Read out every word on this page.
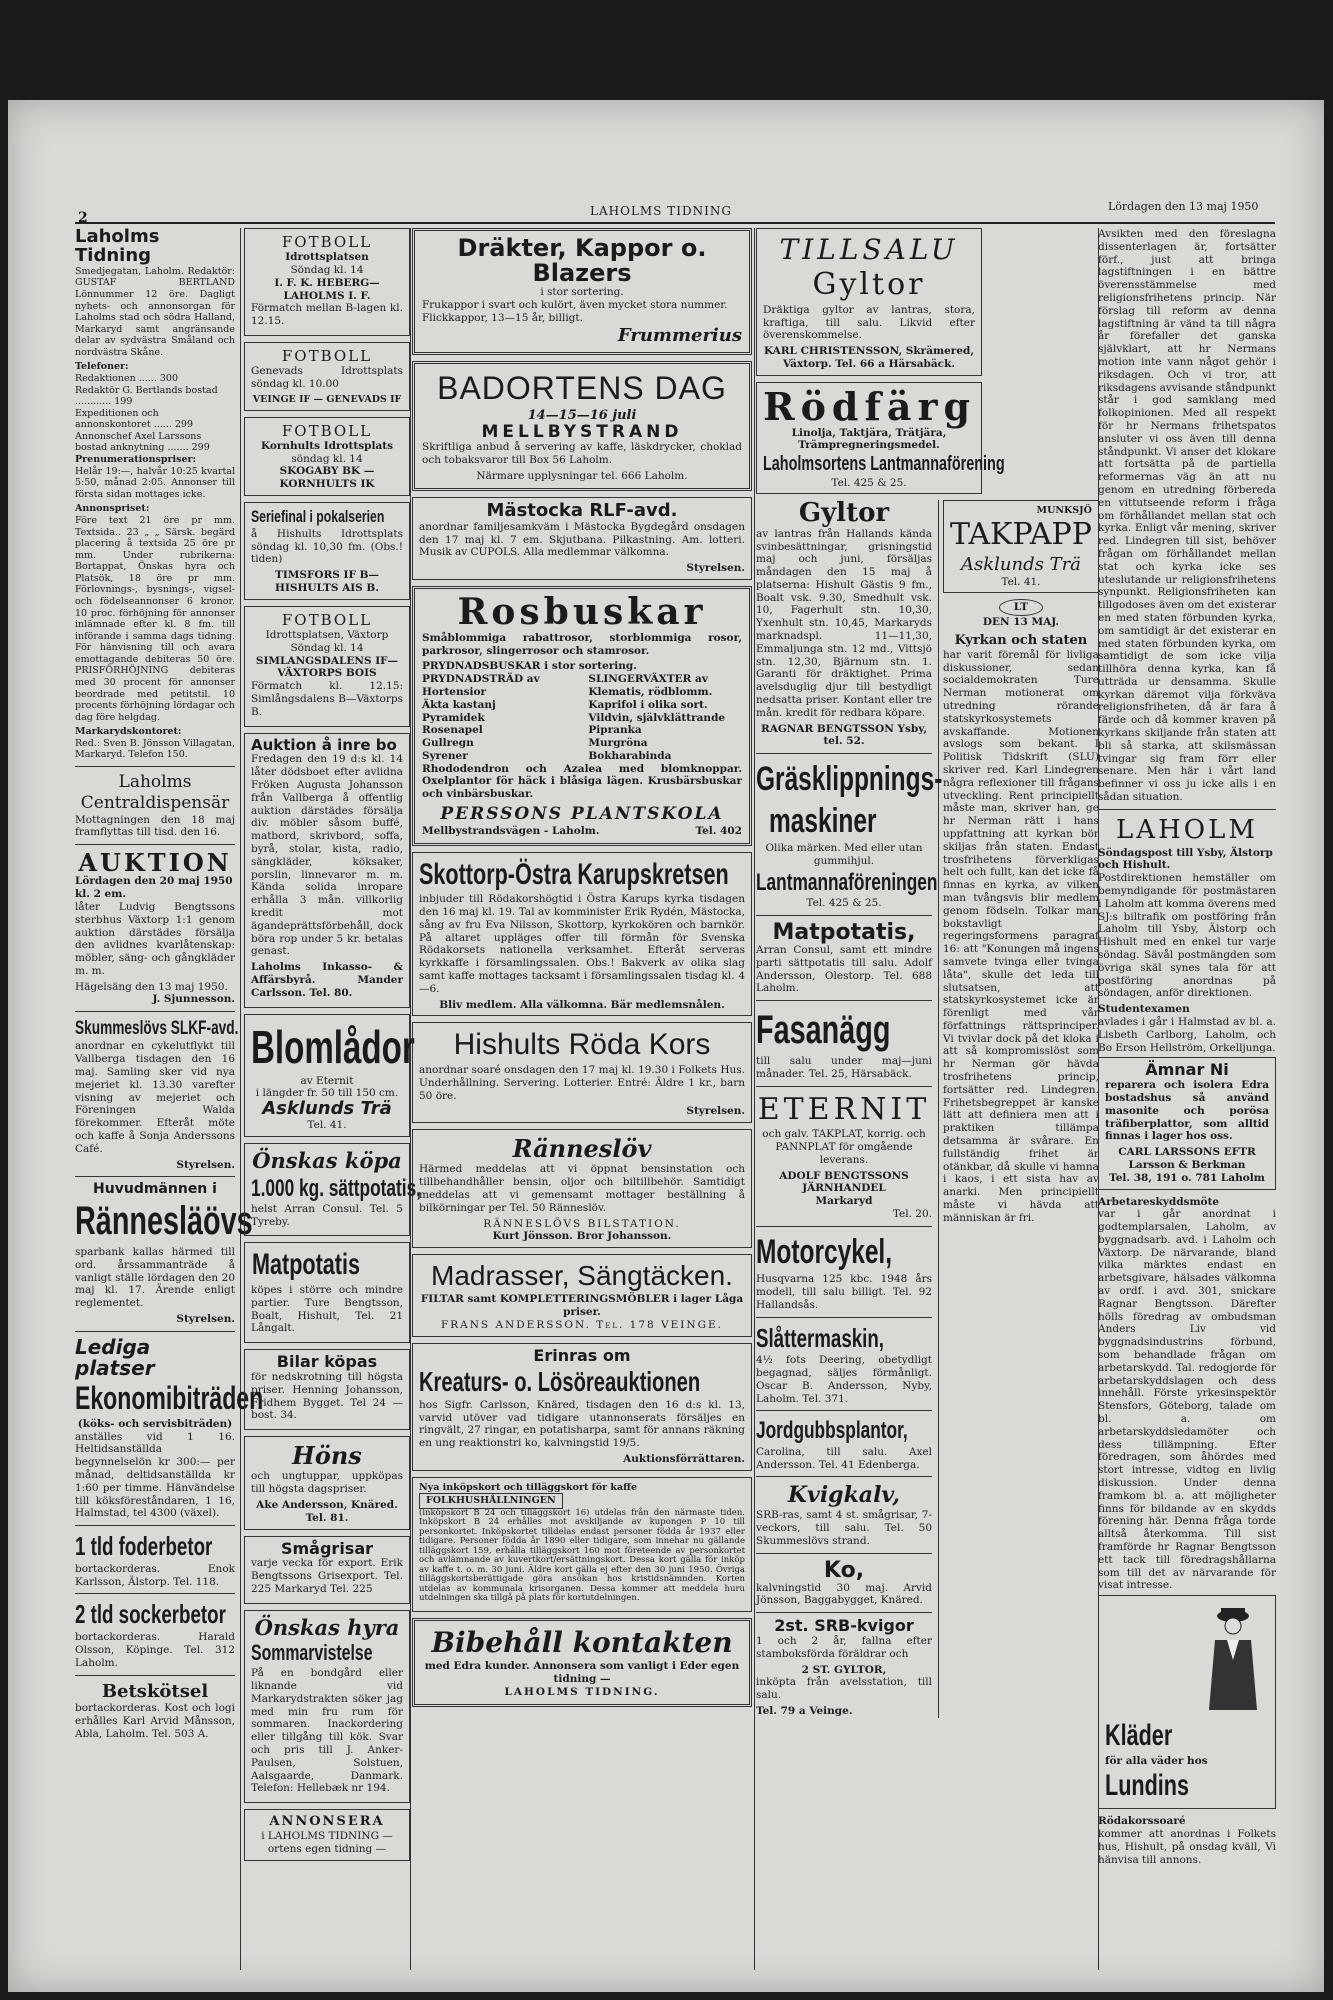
2	LAHOLMS TIDNING	Lördagen den 13 maj 1950
Laholms Tidning

Smedjegatan, Laholm. Redaktör: GUSTAF BERTLAND Lönnummer 12 öre. Dagligt nyhets- och annonsorgan för Laholms stad och södra Halland, Markaryd samt angränsande delar av sydvästra Småland och nordvästra Skåne.

Telefoner:
Redaktionen ...... 300
Redaktör G. Bertlands bostad ............ 199
Expeditionen och annonskontoret ...... 299
Annonschef Axel Larssons bostad anknytning ....... 299
Prenumerationspriser:

Helår 19:—, halvår 10:25 kvartal 5:50, månad 2:05. Annonser till första sidan mottages icke.

Annonspriset:

Före text 21 öre pr mm. Textsida.. 23 „ „ Särsk. begärd placering å textsida 25 öre pr mm. Under rubrikerna: Bortappat, Önskas hyra och Platsök, 18 öre pr mm. Förlovnings-, bysnings-, vigsel- och födelseannonser 6 kronor. 10 proc. förhöjning för annonser inlämnade efter kl. 8 fm. till införande i samma dags tidning. För hänvisning till och avara emottagande debiteras 50 öre. PRISFÖRHÖJNING debiteras med 30 procent för annonser beordrade med petitstil. 10 procents förhöjning lördagar och dag före helgdag.

Markarydskontoret:

Red.: Sven B. Jönsson Villagatan, Markaryd. Telefon 150.

Laholms
Centraldispensär

Mottagningen den 18 maj framflyttas till tisd. den 16.

AUKTION
Lördagen den 20 maj 1950 kl. 2 em.

låter Ludvig Bengtssons sterbhus Växtorp 1:1 genom auktion därstädes försälja den avlidnes kvarlåtenskap: möbler, säng- och gångkläder m. m.

Hägelsäng den 13 maj 1950.
J. Sjunnesson.
Skummeslövs SLKF-avd.

anordnar en cykelutflykt till Vallberga tisdagen den 16 maj. Samling sker vid nya mejeriet kl. 13.30 varefter visning av mejeriet och Föreningen Walda förekommer. Efteråt möte och kaffe å Sonja Anderssons Café.

Styrelsen.
Huvudmännen i
Rännesläövs

sparbank kallas härmed till ord. årssammanträde å vanligt ställe lördagen den 20 maj kl. 17. Ärende enligt reglementet.

Styrelsen.
Lediga platser
Ekonomibiträden
(köks- och servisbiträden)

anställes vid 1 16. Heltidsanställda begynnelselön kr 300:— per månad, deltidsanställda kr 1:60 per timme. Hänvändelse till köksföreståndaren, 1 16, Halmstad, tel 4300 (växel).

1 tld foderbetor

bortackorderas. Enok Karlsson, Älstorp. Tel. 118.

2 tld sockerbetor

bortackorderas. Harald Olsson, Köpinge. Tel. 312 Laholm.

Betskötsel

bortackorderas. Kost och logi erhålles Karl Arvid Månsson, Abla, Laholm. Tel. 503 A.

FOTBOLL
Idrottsplatsen
Söndag kl. 14
I. F. K. HEBERG— LAHOLMS I. F.

Förmatch mellan B-lagen kl. 12.15.

FOTBOLL

Genevads Idrottsplats söndag kl. 10.00

VEINGE IF — GENEVADS IF
FOTBOLL
Kornhults Idrottsplats
söndag kl. 14
SKOGABY BK — KORNHULTS IK
Seriefinal i pokalserien

å Hishults Idrottsplats söndag kl. 10,30 fm. (Obs.! tiden)

TIMSFORS IF B— HISHULTS AIS B.
FOTBOLL
Idrottsplatsen, Växtorp
Söndag kl. 14
SIMLANGSDALENS IF— VÄXTORPS BOIS

Förmatch kl. 12.15: Simlångsdalens B—Växtorps B.

Auktion å inre bo

Fredagen den 19 d:s kl. 14 låter dödsboet efter avlidna Fröken Augusta Johansson från Vallberga å offentlig auktion därstädes försälja div. möbler såsom buffé, matbord, skrivbord, soffa, byrå, stolar, kista, radio, sängkläder, köksaker, porslin, linnevaror m. m. Kända solida inropare erhålla 3 mån. villkorlig kredit mot ägandeprättsförbehåll, dock böra rop under 5 kr. betalas genast.

Laholms Inkasso- & Affärsbyrå. Mander Carlsson. Tel. 80.

Blomlådor
av Eternit
i längder fr. 50 till 150 cm.
Asklunds Trä
Tel. 41.
Önskas köpa
1.000 kg. sättpotatis,

helst Arran Consul. Tel. 5 Tyreby.

Matpotatis

köpes i större och mindre partier. Ture Bengtsson, Boalt, Hishult, Tel. 21 Långalt.

Bilar köpas

för nedskrotning till högsta priser. Henning Johansson, Fridhem Bygget. Tel 24 — bost. 34.

Höns

och ungtuppar, uppköpas till högsta dagspriser.

Ake Andersson, Knäred. Tel. 81.
Smågrisar

varje vecka för export. Erik Bengtssons Grisexport. Tel. 225 Markaryd Tel. 225

Önskas hyra
Sommarvistelse

På en bondgård eller liknande vid Markarydstrakten söker jag med min fru rum för sommaren. Inackordering eller tillgång till kök. Svar och pris till J. Anker-Paulsen, Solstuen, Aalsgaarde, Danmark. Telefon: Hellebæk nr 194.

ANNONSERA
i LAHOLMS TIDNING — ortens egen tidning —
Dräkter, Kappor o. Blazers
i stor sortering.
Frukappor i svart och kulört, även mycket stora nummer.
Flickkappor, 13—15 år, billigt.
Frummerius
BADORTENS DAG
14—15—16 juli
MELLBYSTRAND

Skriftliga anbud å servering av kaffe, läskdrycker, choklad och tobaksvaror till Box 56 Laholm.

Närmare upplysningar tel. 666 Laholm.
Mästocka RLF-avd.

anordnar familjesamkväm i Mästocka Bygdegård onsdagen den 17 maj kl. 7 em. Skjutbana. Pilkastning. Am. lotteri. Musik av CUPOLS. Alla medlemmar välkomna.

Styrelsen.
Rosbuskar

Småblommiga rabattrosor, storblommiga rosor, parkrosor, slingerrosor och stamrosor.

PRYDNADSBUSKAR i stor sortering.
PRYDNADSTRÄD av
Hortensior
Äkta kastanj
Pyramidek
Rosenapel
Gullregn
Syrener
SLINGERVÄXTER av
Klematis, rödblomm.
Kaprifol i olika sort.
Vildvin, självklättrande
Pipranka
Murgröna
Bokharabinda

Rhododendron och Azalea med blomknoppar. Oxelplantor för häck i blåsiga lägen. Krusbärsbuskar och vinbärsbuskar.

PERSSONS PLANTSKOLA
Mellbystrandsvägen - Laholm.	Tel. 402
Skottorp-Östra Karupskretsen

inbjuder till Rödakorshögtid i Östra Karups kyrka tisdagen den 16 maj kl. 19. Tal av komminister Erik Rydén, Mästocka, sång av fru Eva Nilsson, Skottorp, kyrkokören och barnkör. På altaret uppläges offer till förmån för Svenska Rödakorsets nationella verksamhet. Efteråt serveras kyrkkaffe i församlingssalen. Obs.! Bakverk av olika slag samt kaffe mottages tacksamt i församlingssalen tisdag kl. 4—6.

Bliv medlem. Alla välkomna. Bär medlemsnålen.
Hishults Röda Kors

anordnar soaré onsdagen den 17 maj kl. 19.30 i Folkets Hus. Underhållning. Servering. Lotterier. Entré: Äldre 1 kr., barn 50 öre.

Styrelsen.
Ränneslöv

Härmed meddelas att vi öppnat bensinstation och tillbehandhåller bensin, oljor och biltillbehör. Samtidigt meddelas att vi gemensamt mottager beställning å bilkörningar per Tel. 50 Ränneslöv.

RÄNNESLÖVS BILSTATION.
Kurt Jönsson. Bror Johansson.
Madrasser, Sängtäcken.
FILTAR samt KOMPLETTERINGSMÖBLER i lager Låga priser.
FRANS ANDERSSON. Tel. 178 VEINGE.
Erinras om
Kreaturs- o. Lösöreauktionen

hos Sigfr. Carlsson, Knäred, tisdagen den 16 d:s kl. 13, varvid utöver vad tidigare utannonserats försäljes en ringvält, 27 ringar, en potatisharpa, samt för annans räkning en ung reaktionstri ko, kalvningstid 19/5.

Auktionsförrättaren.
Nya inköpskort och tilläggskort för kaffe FOLKHUSHÅLLNINGEN

(inköpskort B 24 och tilläggskort 16) utdelas från den närmaste tiden. Inköpskort B 24 erhålles mot avskiljande av kupongen P 10 till personkortet. Inköpskortet tilldelas endast personer födda år 1937 eller tidigare. Personer födda år 1890 eller tidigare, som innehar nu gällande tilläggskort 159, erhålla tilläggskort 160 mot företeende av personkortet och avlämnande av kuvertkort/ersättningskort. Dessa kort gälla för inköp av kaffe t. o. m. 30 juni. Äldre kort gälla ej efter den 30 juni 1950. Övriga tilläggskortsberättigade göra ansökan hos kristidsnämnden. Korten utdelas av kommunala krisorganen. Dessa kommer att meddela huru utdelningen ska tillgå på plats för kortutdelningen.

Bibehåll kontakten
med Edra kunder. Annonsera som vanligt i Eder egen tidning —
LAHOLMS TIDNING.
TILLSALU
Gyltor

Dräktiga gyltor av lantras, stora, kraftiga, till salu. Likvid efter överenskommelse.

KARL CHRISTENSSON, Skrämered, Växtorp. Tel. 66 a Härsabäck.
Rödfärg
Linolja, Taktjära, Trätjära, Trämpregneringsmedel.
Laholmsortens Lantmannaförening
Tel. 425 & 25.
Gyltor

av lantras från Hallands kända svinbesättningar, grisningstid maj och juni, försäljas måndagen den 15 maj å platserna: Hishult Gästis 9 fm., Boalt vsk. 9.30, Smedhult vsk. 10, Fagerhult stn. 10,30, Yxenhult stn. 10,45, Markaryds marknadspl. 11—11,30, Emmaljunga stn. 12 md., Vittsjö stn. 12,30, Bjärnum stn. 1. Garanti för dräktighet. Prima avelsduglig djur till bestydligt nedsatta priser. Kontant eller tre mån. kredit för redbara köpare.

RAGNAR BENGTSSON Ysby, tel. 52.
Gräsklippnings-
maskiner
Olika märken. Med eller utan gummihjul.
Lantmannaföreningen
Tel. 425 & 25.
Matpotatis,

Arran Consul, samt ett mindre parti sättpotatis till salu. Adolf Andersson, Olestorp. Tel. 688 Laholm.

Fasanägg

till salu under maj—juni månader. Tel. 25, Härsabäck.

ETERNIT

och galv. TAKPLAT, korrig. och PANNPLAT för omgående leverans.

ADOLF BENGTSSONS JÄRNHANDEL
Markaryd
Tel. 20.
Motorcykel,

Husqvarna 125 kbc. 1948 års modell, till salu billigt. Tel. 92 Hallandsås.

Slåttermaskin,

4½ fots Deering, obetydligt begagnad, säljes förmånligt. Oscar B. Andersson, Nyby, Laholm. Tel. 371.

Jordgubbsplantor,

Carolina, till salu. Axel Andersson. Tel. 41 Edenberga.

Kvigkalv,

SRB-ras, samt 4 st. smågrisar, 7-veckors, till salu. Tel. 50 Skummeslövs strand.

Ko,

kalvningstid 30 maj. Arvid Jönsson, Baggabygget, Knäred.

2st. SRB-kvigor

1 och 2 år, fallna efter stamboksförda föräldrar och

2 ST. GYLTOR,

inköpta från avelsstation, till salu.

Tel. 79 a Veinge.
MUNKSJÖ
TAKPAPP
Asklunds Trä
Tel. 41.
LT
DEN 13 MAJ.
Kyrkan och staten

har varit föremål för livliga diskussioner, sedan socialdemokraten Ture Nerman motionerat om utredning rörande statskyrkosystemets avskaffande. Motionen avslogs som bekant. I Politisk Tidskrift (SLU) skriver red. Karl Lindegren några reflexioner till frågans utveckling. Rent principiellt måste man, skriver han, ge hr Nerman rätt i hans uppfattning att kyrkan bör skiljas från staten. Endast trosfrihetens förverkligas helt och fullt, kan det icke få finnas en kyrka, av vilken man tvångsvis blir medlem genom födseln. Tolkar man bokstavligt regeringsformens paragraf 16: att "Konungen må ingens samvete tvinga eller tvinga låta", skulle det leda till slutsatsen, att statskyrkosystemet icke är förenligt med vår författnings rättsprinciper. Vi tvivlar dock på det kloka i att så kompromisslöst som hr Nerman gör hävda trosfrihetens princip, fortsätter red. Lindegren. Frihetsbegreppet är kanske lätt att definiera men att i praktiken tillämpa detsamma är svårare. En fullständig frihet är otänkbar, då skulle vi hamna i kaos, i ett sista hav av anarki. Men principiellt måste vi hävda att människan är fri.

Avsikten med den föreslagna dissenterlagen är, fortsätter förf., just att bringa lagstiftningen i en bättre överensstämmelse med religionsfrihetens princip. När förslag till reform av denna lagstiftning är vänd ta till några år förefaller det ganska självklart, att hr Nermans motion inte vann något gehör i riksdagen. Och vi tror, att riksdagens avvisande ståndpunkt står i god samklang med folkopinionen. Med all respekt för hr Nermans frihetspatos ansluter vi oss även till denna ståndpunkt. Vi anser det klokare att fortsätta på de partiella reformernas väg än att nu genom en utredning förbereda en vittutseende reform i fråga om förhållandet mellan stat och kyrka. Enligt vår mening, skriver red. Lindegren till sist, behöver frågan om förhållandet mellan stat och kyrka icke ses uteslutande ur religionsfrihetens synpunkt. Religionsfriheten kan tillgodoses även om det existerar en med staten förbunden kyrka, om samtidigt är det existerar en med staten förbunden kyrka, om samtidigt de som icke vilja tillhöra denna kyrka, kan få utträda ur densamma. Skulle kyrkan däremot vilja förkväva religionsfriheten, då är fara å färde och då kommer kraven på kyrkans skiljande från staten att bli så starka, att skilsmässan tvingar sig fram förr eller senare. Men här i vårt land befinner vi oss ju icke alls i en sådan situation.

LAHOLM
Söndagspost till Ysby, Älstorp och Hishult.

Postdirektionen hemställer om bemyndigande för postmästaren i Laholm att komma överens med SJ:s biltrafik om postföring från Laholm till Ysby, Älstorp och Hishult med en enkel tur varje söndag. Sävål postmängden som övriga skäl synes tala för att postföring anordnas på söndagen, anför direktionen.

Studentexamen

avlades i går i Halmstad av bl. a. Lisbeth Carlborg, Laholm, och Bo Erson Hellström, Orkelljunga.

Ämnar Ni

reparera och isolera Edra bostadshus så använd masonite och porösa träfiberplattor, som alltid finnas i lager hos oss.

CARL LARSSONS EFTR Larsson & Berkman
Tel. 38, 191 o. 781 Laholm
Arbetareskyddsmöte

var i går anordnat i godtemplarsalen, Laholm, av byggnadsarb. avd. i Laholm och Växtorp. De närvarande, bland vilka märktes endast en arbetsgivare, hälsades välkomna av ordf. i avd. 301, snickare Ragnar Bengtsson. Därefter hölls föredrag av ombudsman Anders Liv vid byggnadsindustrins förbund, som behandlade frågan om arbetarskydd. Tal. redogjorde för arbetarskyddslagen och dess innehåll. Förste yrkesinspektör Stensfors, Göteborg, talade om bl. a. om arbetarskyddsledamöter och dess tillämpning. Efter föredragen, som åhördes med stort intresse, vidtog en livlig diskussion. Under denna framkom bl. a. att möjligheter finns för bildande av en skydds förening här. Denna fråga torde alltså återkomma. Till sist framförde hr Ragnar Bengtsson ett tack till föredragshållarna som till det av närvarande för visat intresse.

Kläder
för alla väder hos
Lundins
Rödakorssoaré

kommer att anordnas i Folkets hus, Hishult, på onsdag kväll, Vi hänvisa till annons.
